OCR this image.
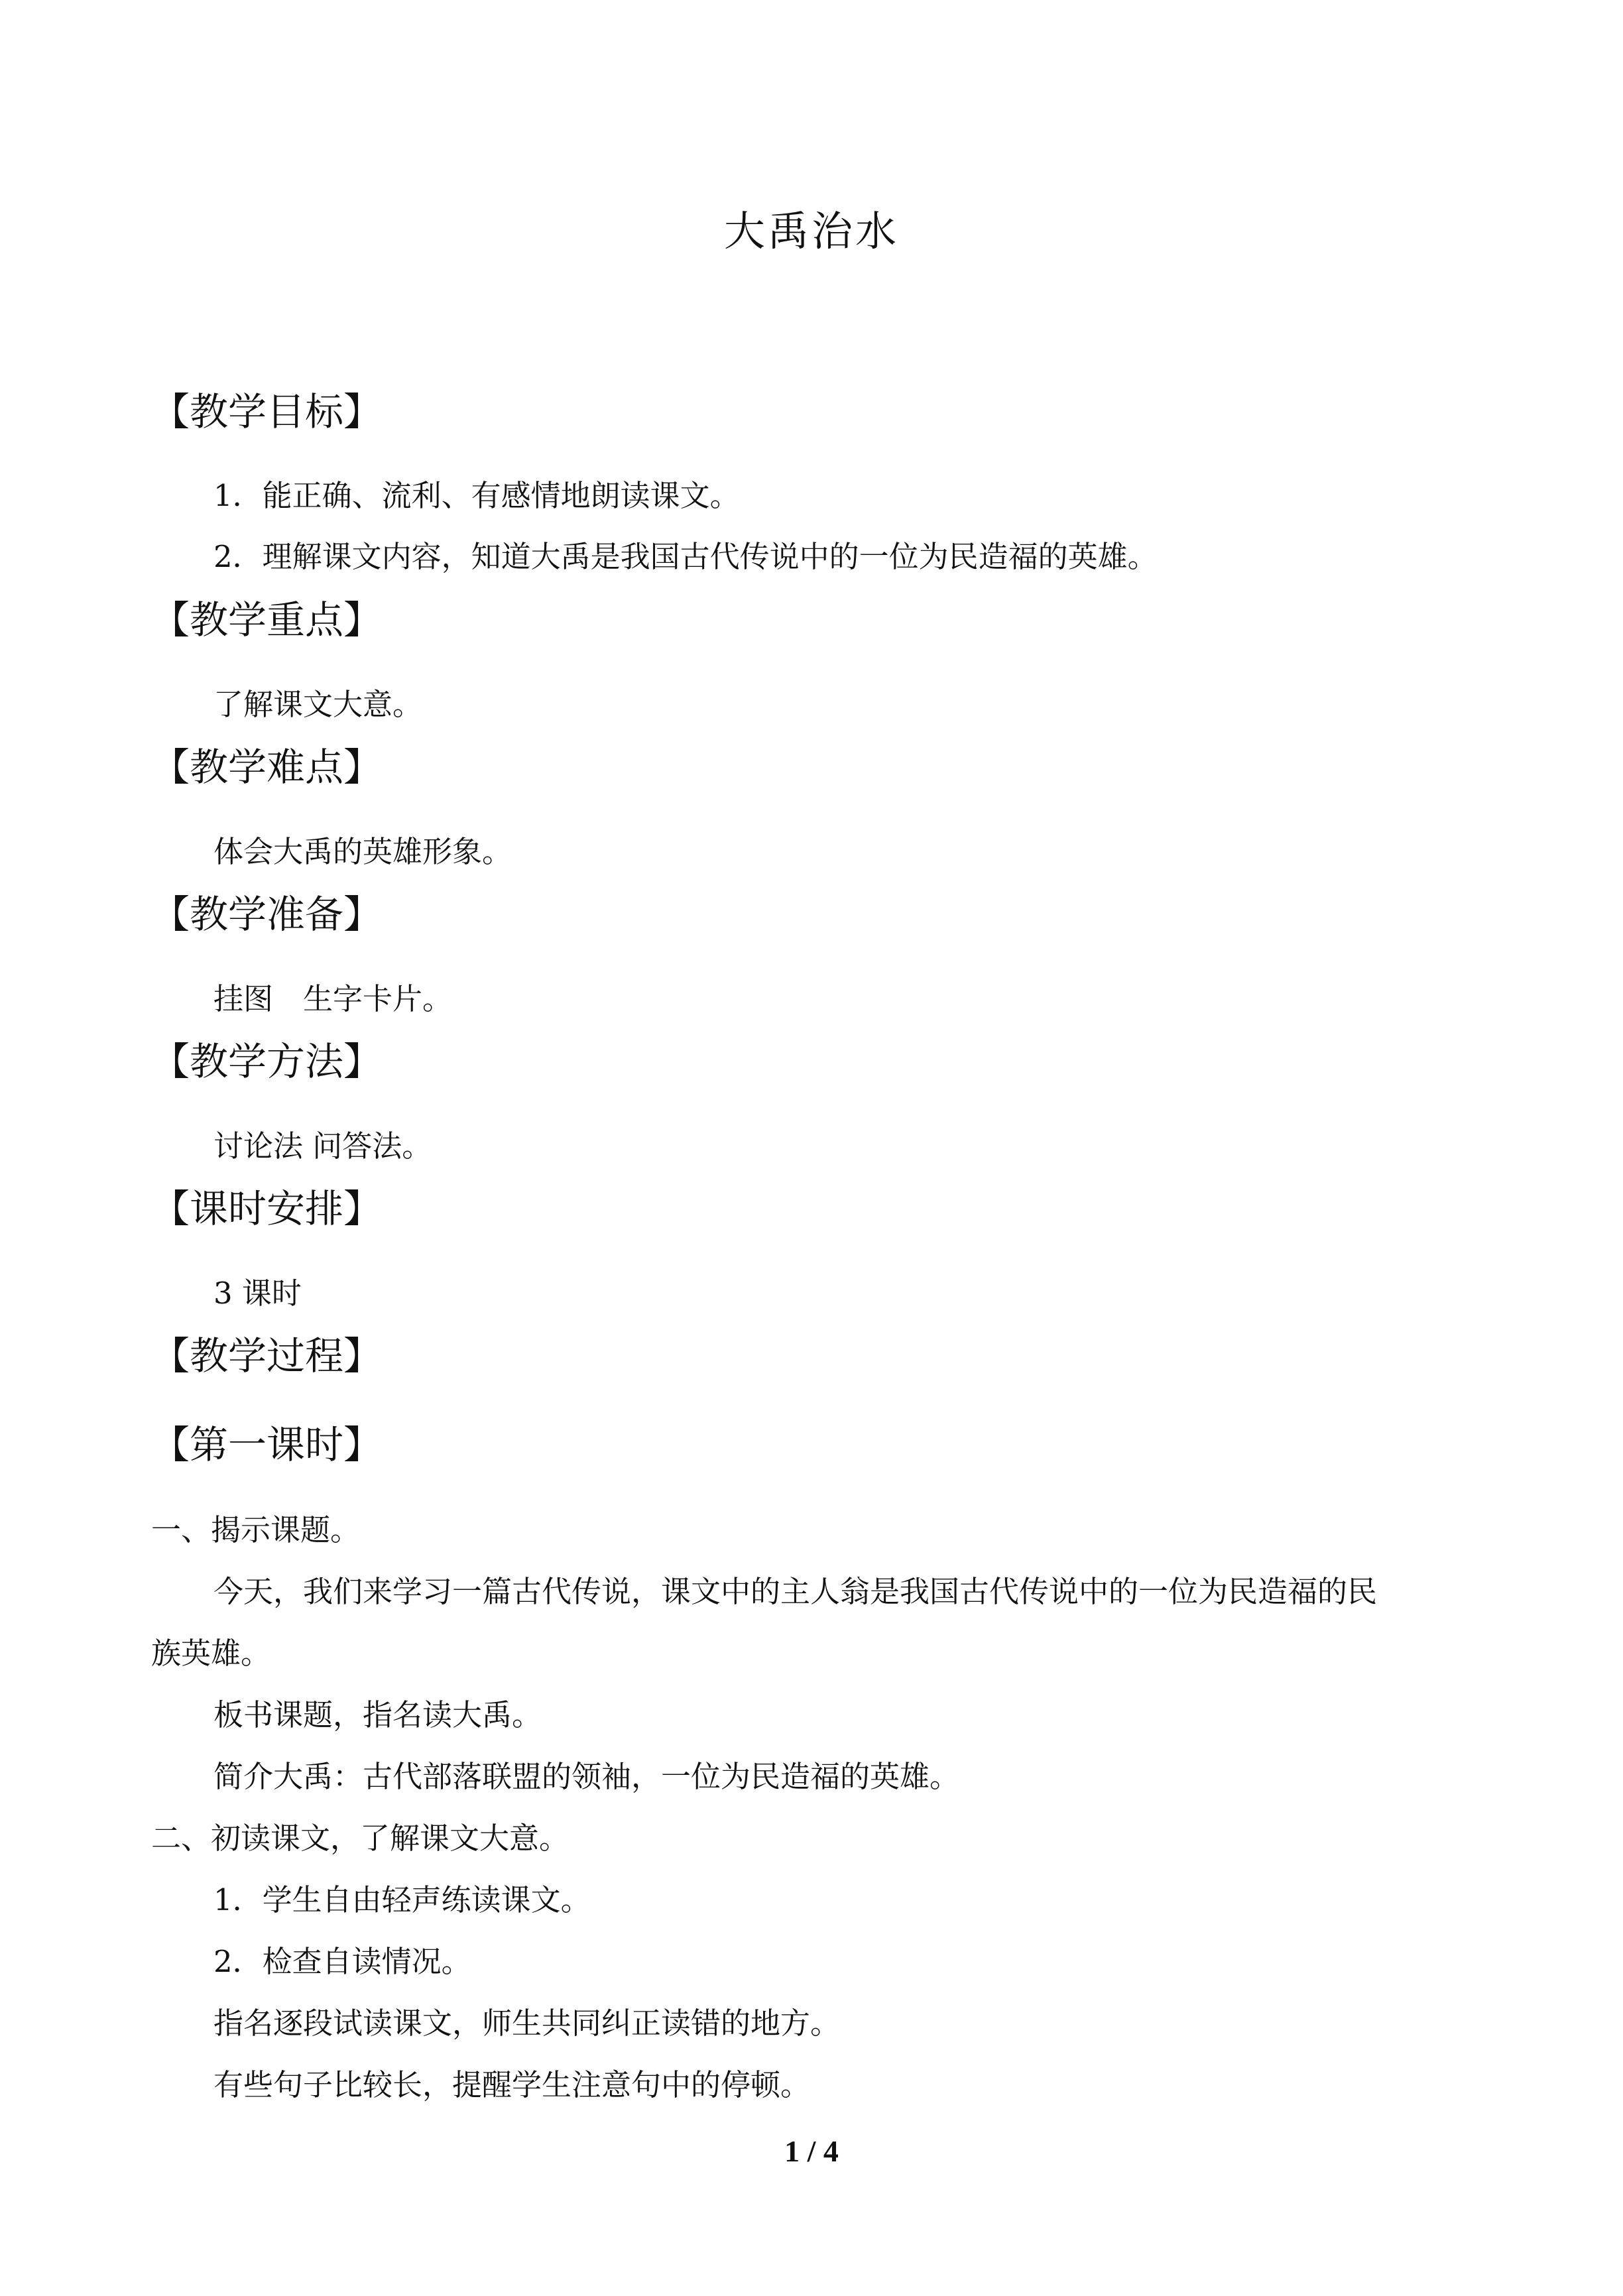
大禹治水
【教学目标】
1．能正确、流利、有感情地朗读课文。
2．理解课文内容，知道大禹是我国古代传说中的一位为民造福的英雄。
【教学重点】
了解课文大意。
【教学难点】
体会大禹的英雄形象。
【教学准备】
挂图　生字卡片。
【教学方法】
讨论法 问答法。
【课时安排】
3 课时
【教学过程】
【第一课时】
一、揭示课题。
今天，我们来学习一篇古代传说，课文中的主人翁是我国古代传说中的一位为民造福的民
族英雄。
板书课题，指名读大禹。
简介大禹：古代部落联盟的领袖，一位为民造福的英雄。
二、初读课文，了解课文大意。
1．学生自由轻声练读课文。
2．检查自读情况。
指名逐段试读课文，师生共同纠正读错的地方。
有些句子比较长，提醒学生注意句中的停顿。
1 / 4
